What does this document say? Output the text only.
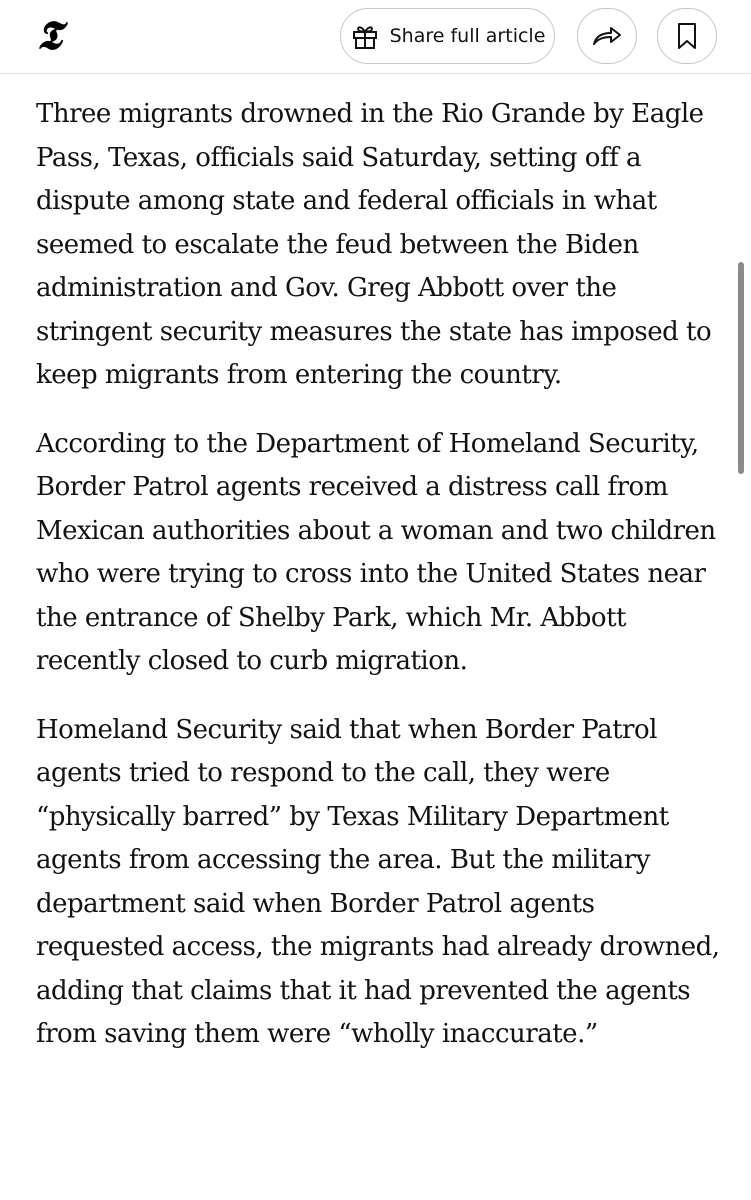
𝕿	Share full article

Three migrants drowned in the Rio Grande by Eagle Pass, Texas, officials said Saturday, setting off a dispute among state and federal officials in what seemed to escalate the feud between the Biden administration and Gov. Greg Abbott over the stringent security measures the state has imposed to keep migrants from entering the country.

According to the Department of Homeland Security, Border Patrol agents received a distress call from Mexican authorities about a woman and two children who were trying to cross into the United States near the entrance of Shelby Park, which Mr. Abbott recently closed to curb migration.

Homeland Security said that when Border Patrol agents tried to respond to the call, they were “physically barred” by Texas Military Department agents from accessing the area. But the military department said when Border Patrol agents requested access, the migrants had already drowned, adding that claims that it had prevented the agents from saving them were “wholly inaccurate.”
